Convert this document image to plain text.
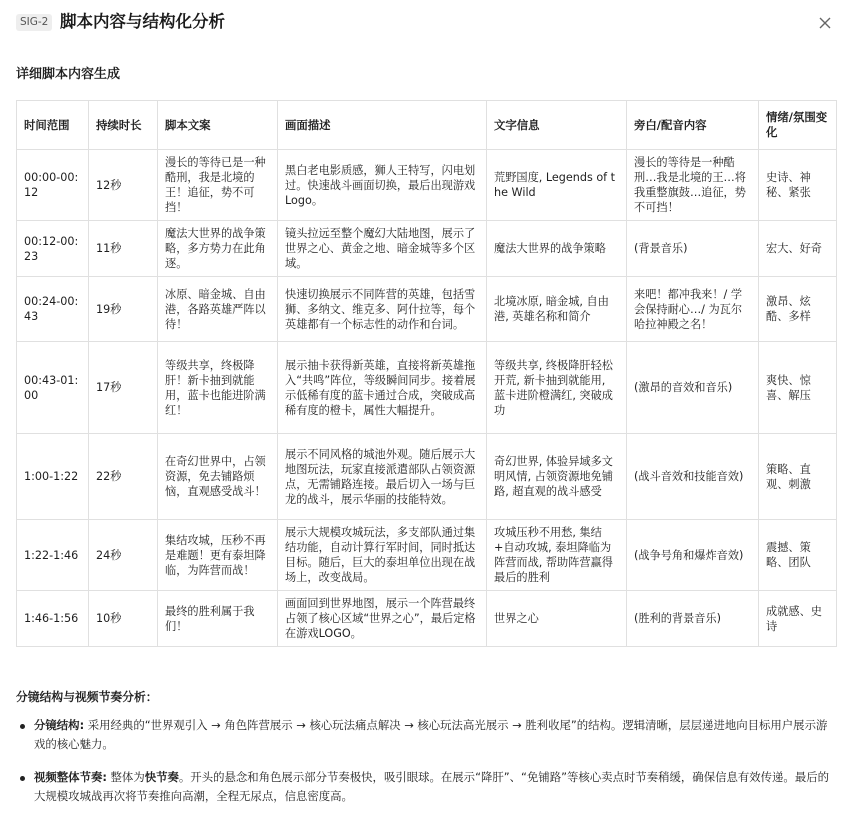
SIG-2 脚本内容与结构化分析
详细脚本内容生成
时间范围	持续时长	脚本文案	画面描述	文字信息	旁白/配音内容	情绪/氛围变化
00:00-00:12	12秒	漫长的等待已是一种酷刑，我是北境的王！追征，势不可挡！	黑白老电影质感，狮人王特写，闪电划过。快速战斗画面切换，最后出现游戏Logo。	荒野国度, Legends of the Wild	漫长的等待是一种酷刑…我是北境的王…将我重整旗鼓…追征，势不可挡！	史诗、神秘、紧张
00:12-00:23	11秒	魔法大世界的战争策略，多方势力在此角逐。	镜头拉远至整个魔幻大陆地图，展示了世界之心、黄金之地、暗金城等多个区域。	魔法大世界的战争策略	(背景音乐)	宏大、好奇
00:24-00:43	19秒	冰原、暗金城、自由港，各路英雄严阵以待！	快速切换展示不同阵营的英雄，包括雪狮、多纳文、维克多、阿什拉等，每个英雄都有一个标志性的动作和台词。	北境冰原, 暗金城, 自由港, 英雄名称和简介	来吧！都冲我来！/ 学会保持耐心…/ 为瓦尔哈拉神殿之名！	激昂、炫酷、多样
00:43-01:00	17秒	等级共享，终极降肝！新卡抽到就能用，蓝卡也能进阶满红！	展示抽卡获得新英雄，直接将新英雄拖入“共鸣”阵位，等级瞬间同步。接着展示低稀有度的蓝卡通过合成，突破成高稀有度的橙卡，属性大幅提升。	等级共享, 终极降肝轻松开荒, 新卡抽到就能用, 蓝卡进阶橙满红, 突破成功	(激昂的音效和音乐)	爽快、惊喜、解压
1:00-1:22	22秒	在奇幻世界中，占领资源，免去铺路烦恼，直观感受战斗！	展示不同风格的城池外观。随后展示大地图玩法，玩家直接派遣部队占领资源点，无需铺路连接。最后切入一场与巨龙的战斗，展示华丽的技能特效。	奇幻世界, 体验异域多文明风情, 占领资源地免铺路, 超直观的战斗感受	(战斗音效和技能音效)	策略、直观、刺激
1:22-1:46	24秒	集结攻城，压秒不再是难题！更有泰坦降临，为阵营而战！	展示大规模攻城玩法，多支部队通过集结功能，自动计算行军时间，同时抵达目标。随后，巨大的泰坦单位出现在战场上，改变战局。	攻城压秒不用愁, 集结+自动攻城, 泰坦降临为阵营而战, 帮助阵营赢得最后的胜利	(战争号角和爆炸音效)	震撼、策略、团队
1:46-1:56	10秒	最终的胜利属于我们！	画面回到世界地图，展示一个阵营最终占领了核心区域“世界之心”，最后定格在游戏LOGO。	世界之心	(胜利的背景音乐)	成就感、史诗
分镜结构与视频节奏分析：
分镜结构: 采用经典的“世界观引入 → 角色阵营展示 → 核心玩法痛点解决 → 核心玩法高光展示 → 胜利收尾”的结构。逻辑清晰，层层递进地向目标用户展示游戏的核心魅力。
视频整体节奏: 整体为快节奏。开头的悬念和角色展示部分节奏极快，吸引眼球。在展示“降肝”、“免铺路”等核心卖点时节奏稍缓，确保信息有效传递。最后的大规模攻城战再次将节奏推向高潮，全程无尿点，信息密度高。
